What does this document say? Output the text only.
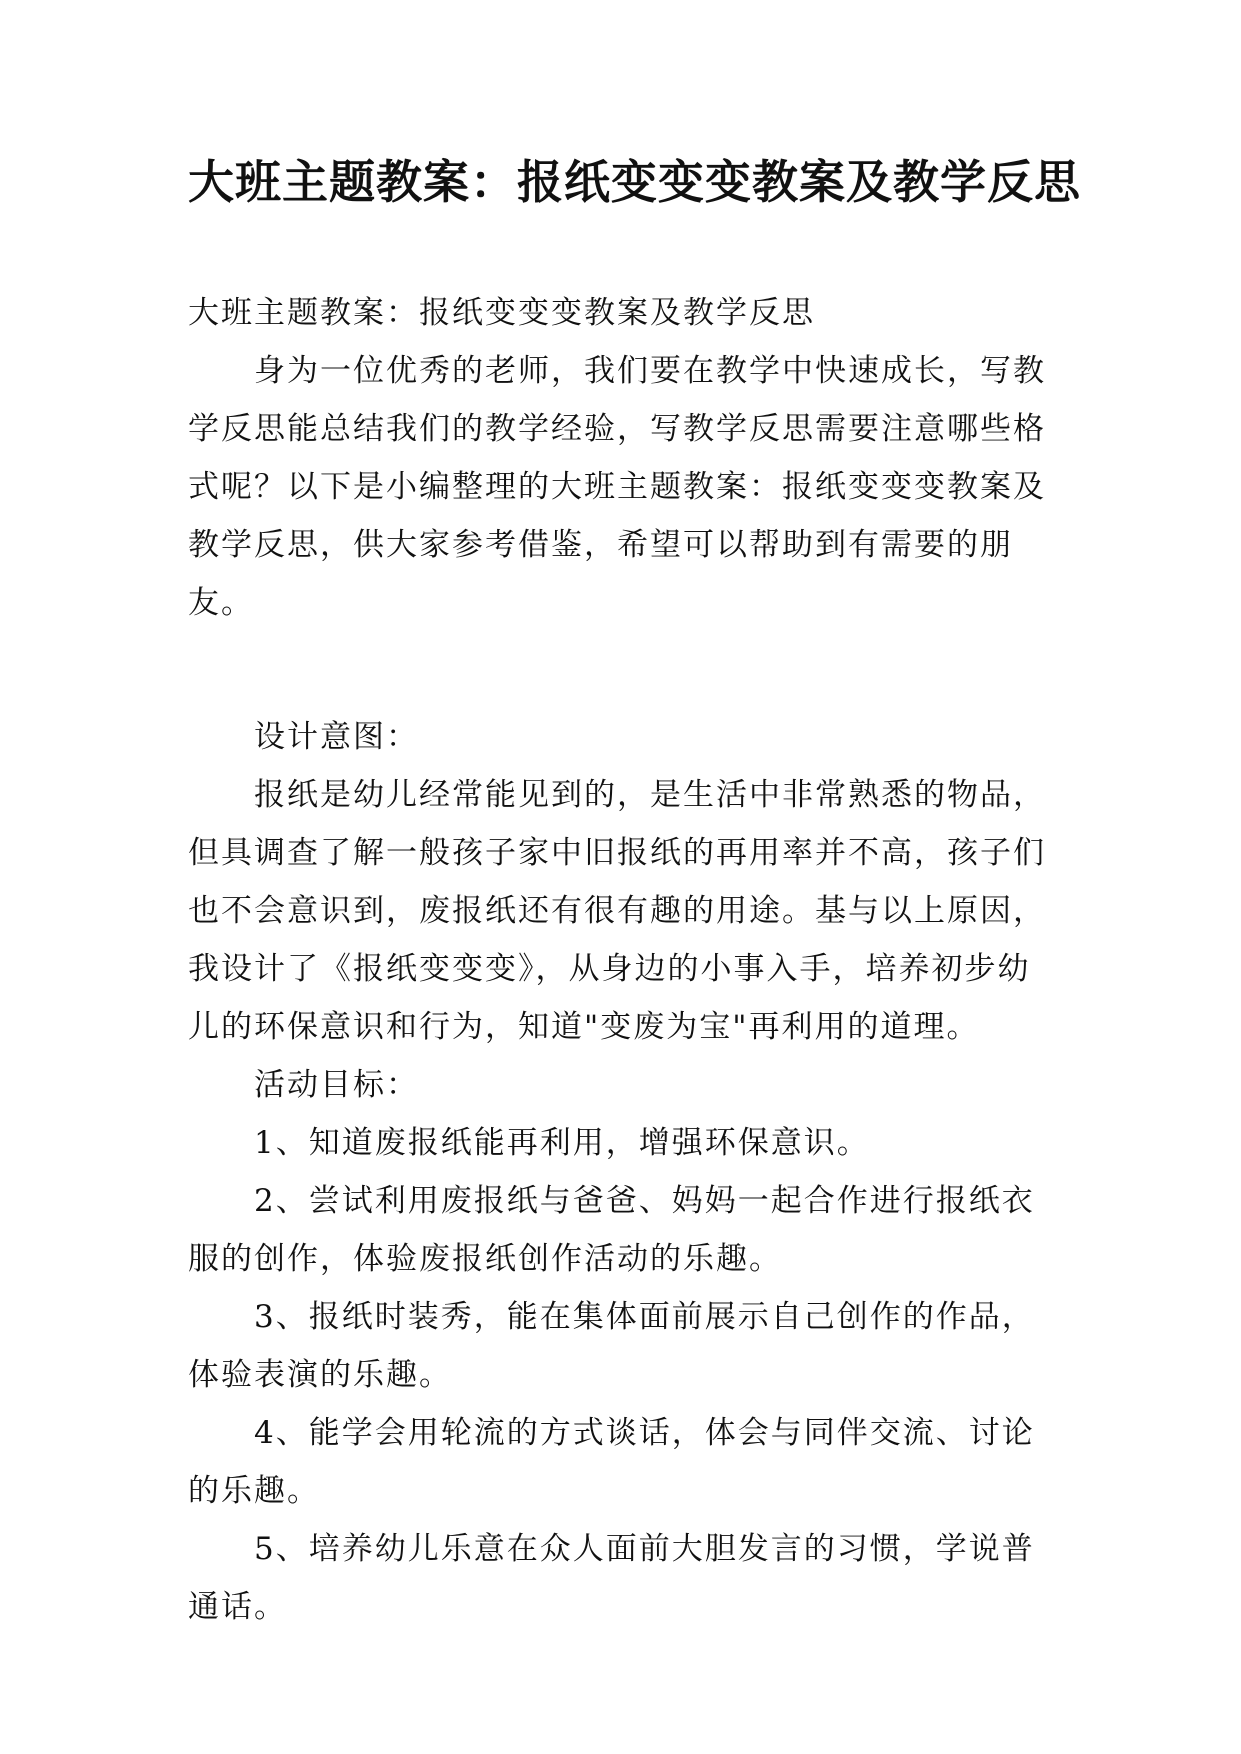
大班主题教案：报纸变变变教案及教学反思

大班主题教案：报纸变变变教案及教学反思

身为一位优秀的老师，我们要在教学中快速成长，写教学反思能总结我们的教学经验，写教学反思需要注意哪些格式呢？以下是小编整理的大班主题教案：报纸变变变教案及教学反思，供大家参考借鉴，希望可以帮助到有需要的朋友。

设计意图：

报纸是幼儿经常能见到的，是生活中非常熟悉的物品，但具调查了解一般孩子家中旧报纸的再用率并不高，孩子们也不会意识到，废报纸还有很有趣的用途。基与以上原因，我设计了《报纸变变变》，从身边的小事入手，培养初步幼儿的环保意识和行为，知道"变废为宝"再利用的道理。

活动目标：

1、知道废报纸能再利用，增强环保意识。

2、尝试利用废报纸与爸爸、妈妈一起合作进行报纸衣服的创作，体验废报纸创作活动的乐趣。

3、报纸时装秀，能在集体面前展示自己创作的作品，体验表演的乐趣。

4、能学会用轮流的方式谈话，体会与同伴交流、讨论的乐趣。

5、培养幼儿乐意在众人面前大胆发言的习惯，学说普通话。
